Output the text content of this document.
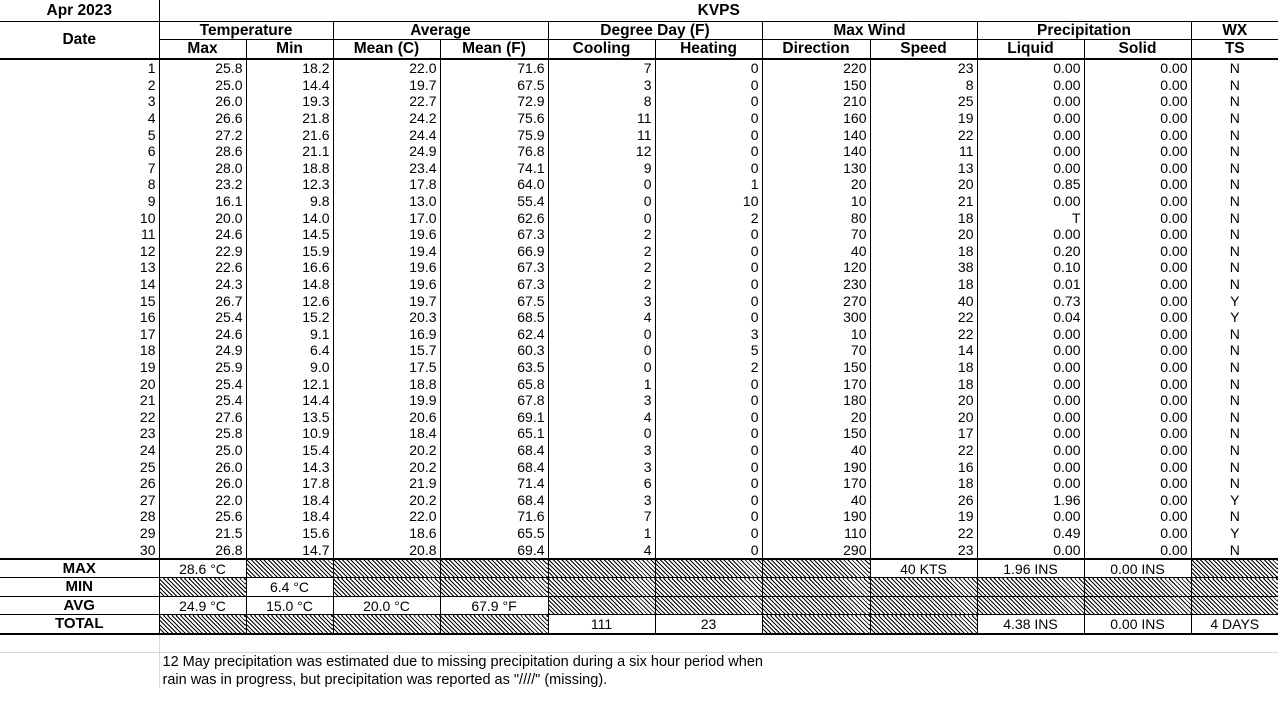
Apr 2023	KVPS										
Date	Temperature		Average		Degree Day (F)		Max Wind		Precipitation		WX
	Max	Min	Mean (C)	Mean (F)	Cooling	Heating	Direction	Speed	Liquid	Solid	TS
1	25.8	18.2	22.0	71.6	7	0	220	23	0.00	0.00	N
2	25.0	14.4	19.7	67.5	3	0	150	8	0.00	0.00	N
3	26.0	19.3	22.7	72.9	8	0	210	25	0.00	0.00	N
4	26.6	21.8	24.2	75.6	11	0	160	19	0.00	0.00	N
5	27.2	21.6	24.4	75.9	11	0	140	22	0.00	0.00	N
6	28.6	21.1	24.9	76.8	12	0	140	11	0.00	0.00	N
7	28.0	18.8	23.4	74.1	9	0	130	13	0.00	0.00	N
8	23.2	12.3	17.8	64.0	0	1	20	20	0.85	0.00	N
9	16.1	9.8	13.0	55.4	0	10	10	21	0.00	0.00	N
10	20.0	14.0	17.0	62.6	0	2	80	18	T	0.00	N
11	24.6	14.5	19.6	67.3	2	0	70	20	0.00	0.00	N
12	22.9	15.9	19.4	66.9	2	0	40	18	0.20	0.00	N
13	22.6	16.6	19.6	67.3	2	0	120	38	0.10	0.00	N
14	24.3	14.8	19.6	67.3	2	0	230	18	0.01	0.00	N
15	26.7	12.6	19.7	67.5	3	0	270	40	0.73	0.00	Y
16	25.4	15.2	20.3	68.5	4	0	300	22	0.04	0.00	Y
17	24.6	9.1	16.9	62.4	0	3	10	22	0.00	0.00	N
18	24.9	6.4	15.7	60.3	0	5	70	14	0.00	0.00	N
19	25.9	9.0	17.5	63.5	0	2	150	18	0.00	0.00	N
20	25.4	12.1	18.8	65.8	1	0	170	18	0.00	0.00	N
21	25.4	14.4	19.9	67.8	3	0	180	20	0.00	0.00	N
22	27.6	13.5	20.6	69.1	4	0	20	20	0.00	0.00	N
23	25.8	10.9	18.4	65.1	0	0	150	17	0.00	0.00	N
24	25.0	15.4	20.2	68.4	3	0	40	22	0.00	0.00	N
25	26.0	14.3	20.2	68.4	3	0	190	16	0.00	0.00	N
26	26.0	17.8	21.9	71.4	6	0	170	18	0.00	0.00	N
27	22.0	18.4	20.2	68.4	3	0	40	26	1.96	0.00	Y
28	25.6	18.4	22.0	71.6	7	0	190	19	0.00	0.00	N
29	21.5	15.6	18.6	65.5	1	0	110	22	0.49	0.00	Y
30	26.8	14.7	20.8	69.4	4	0	290	23	0.00	0.00	N
MAX	28.6 °C							40 KTS	1.96 INS	0.00 INS	
MIN		6.4 °C									
AVG	24.9 °C	15.0 °C	20.0 °C	67.9 °F							
TOTAL					111	23			4.38 INS	0.00 INS	4 DAYS

	12 May precipitation was estimated due to missing precipitation during a six hour period when										
	rain was in progress, but precipitation was reported as "////" (missing).										
